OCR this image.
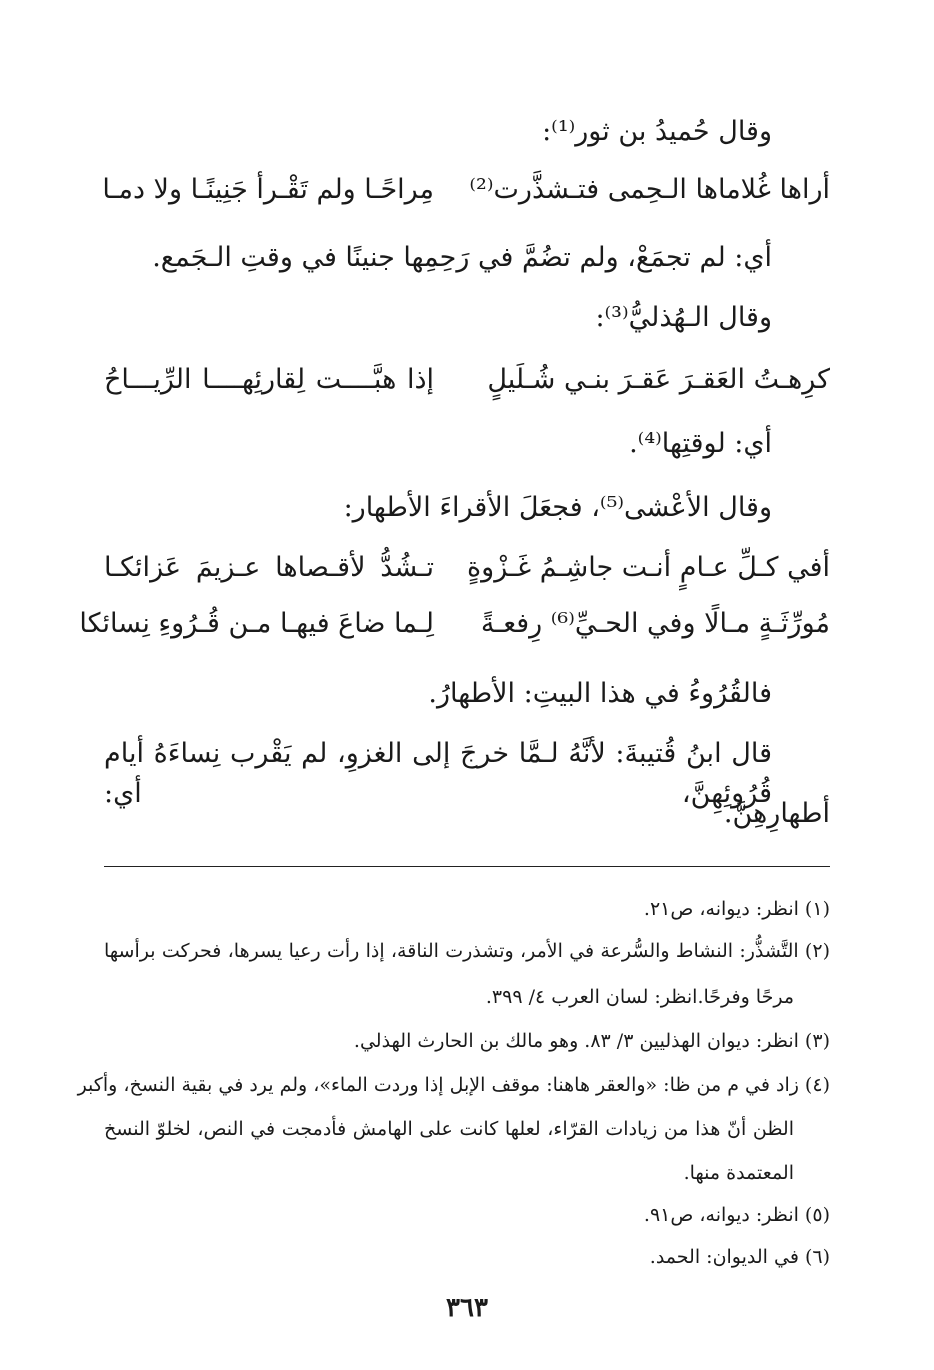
وقال حُميدُ بن ثور⁽¹⁾:
أراها غُلاماها الـحِمى فتـشذَّرت⁽²⁾
مِراحًـا ولم تَقْـرأ جَنِينًـا ولا دمـا
أي: لم تجمَعْ، ولم تضُمَّ في رَحِمِها جنينًا في وقتِ الـجَمع.
وقال الـهُذليُّ⁽³⁾:
كرِهـتُ العَقـرَ عَقـرَ بنـي شُـلَيلٍ
إذا هبَّــــت لِقارئِهــــا الرِّيـــاحُ
أي: لوقتِها⁽⁴⁾.
وقال الأعْشى⁽⁵⁾، فجعَلَ الأقراءَ الأطهار:
أفي كـلِّ عـامٍ أنـت جاشِـمُ غَـزْوةٍ
تـشُدُّ لأقـصاها عـزيمَ عَزائكـا
مُورِّثَـةٍ مـالًا وفي الحـيِّ⁽⁶⁾ رِفعـةً
لِـما ضاعَ فيهـا مـن قُـرُوءِ نِسائكا
فالقُرُوءُ في هذا البيتِ: الأطهارُ.
قال ابنُ قُتيبةَ: لأنَّهُ لـمَّا خرجَ إلى الغزوِ، لم يَقْرب نِساءَهُ أيام قُرُوئِهِنَّ، أي:
أطهارِهِنَّ.
(١) انظر: ديوانه، ص٢١.
(٢) التَّشذُّر: النشاط والسُّرعة في الأمر، وتشذرت الناقة، إذا رأت رعيا يسرها، فحركت برأسها
مرحًا وفرحًا.انظر: لسان العرب ٤/ ٣٩٩.
(٣) انظر: ديوان الهذليين ٣/ ٨٣. وهو مالك بن الحارث الهذلي.
(٤) زاد في م من ظا: «والعقر هاهنا: موقف الإبل إذا وردت الماء»، ولم يرد في بقية النسخ، وأكبر
الظن أنّ هذا من زيادات القرّاء، لعلها كانت على الهامش فأدمجت في النص، لخلوّ النسخ
المعتمدة منها.
(٥) انظر: ديوانه، ص٩١.
(٦) في الديوان: الحمد.
٣٦٣
